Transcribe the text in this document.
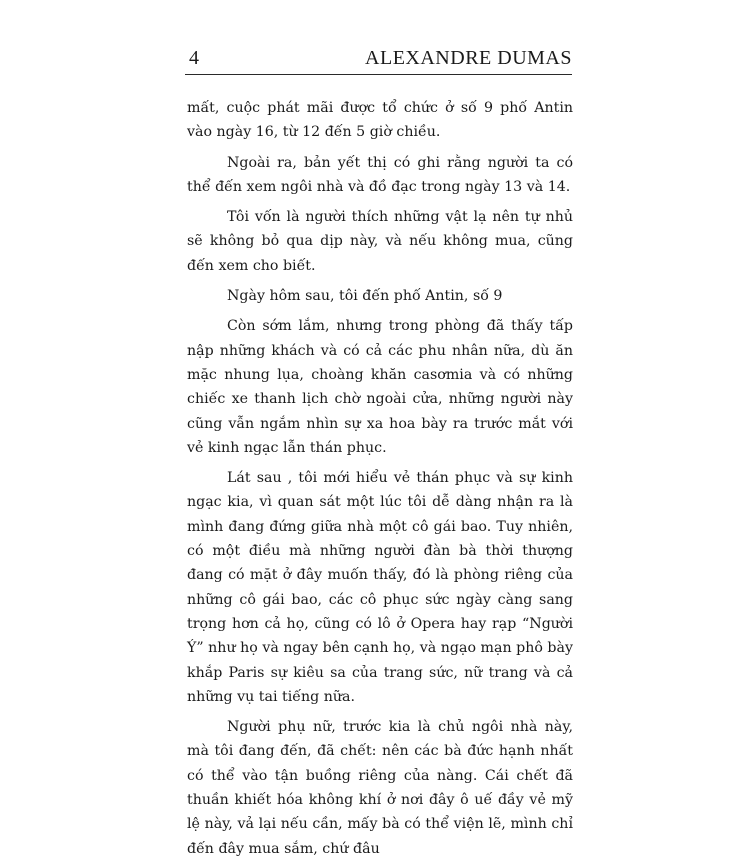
4	ALEXANDRE DUMAS

mất, cuộc phát mãi được tổ chức ở số 9 phố Antin vào ngày 16, từ 12 đến 5 giờ chiều.

Ngoài ra, bản yết thị có ghi rằng người ta có thể đến xem ngôi nhà và đồ đạc trong ngày 13 và 14.

Tôi vốn là người thích những vật lạ nên tự nhủ sẽ không bỏ qua dịp này, và nếu không mua, cũng đến xem cho biết.

Ngày hôm sau, tôi đến phố Antin, số 9

Còn sớm lắm, nhưng trong phòng đã thấy tấp nập những khách và có cả các phu nhân nữa, dù ăn mặc nhung lụa, choàng khăn casơmia và có những chiếc xe thanh lịch chờ ngoài cửa, những người này cũng vẫn ngắm nhìn sự xa hoa bày ra trước mắt với vẻ kinh ngạc lẫn thán phục.

Lát sau , tôi mới hiểu vẻ thán phục và sự kinh ngạc kia, vì quan sát một lúc tôi dễ dàng nhận ra là mình đang đứng giữa nhà một cô gái bao. Tuy nhiên, có một điều mà những người đàn bà thời thượng đang có mặt ở đây muốn thấy, đó là phòng riêng của những cô gái bao, các cô phục sức ngày càng sang trọng hơn cả họ, cũng có lô ở Opera hay rạp “Người Ý” như họ và ngay bên cạnh họ, và ngạo mạn phô bày khắp Paris sự kiêu sa của trang sức, nữ trang và cả những vụ tai tiếng nữa.

Người phụ nữ, trước kia là chủ ngôi nhà này, mà tôi đang đến, đã chết: nên các bà đức hạnh nhất có thể vào tận buồng riêng của nàng. Cái chết đã thuần khiết hóa không khí ở nơi đây ô uế đầy vẻ mỹ lệ này, vả lại nếu cần, mấy bà có thể viện lẽ, mình chỉ đến đây mua sắm, chứ đâu
